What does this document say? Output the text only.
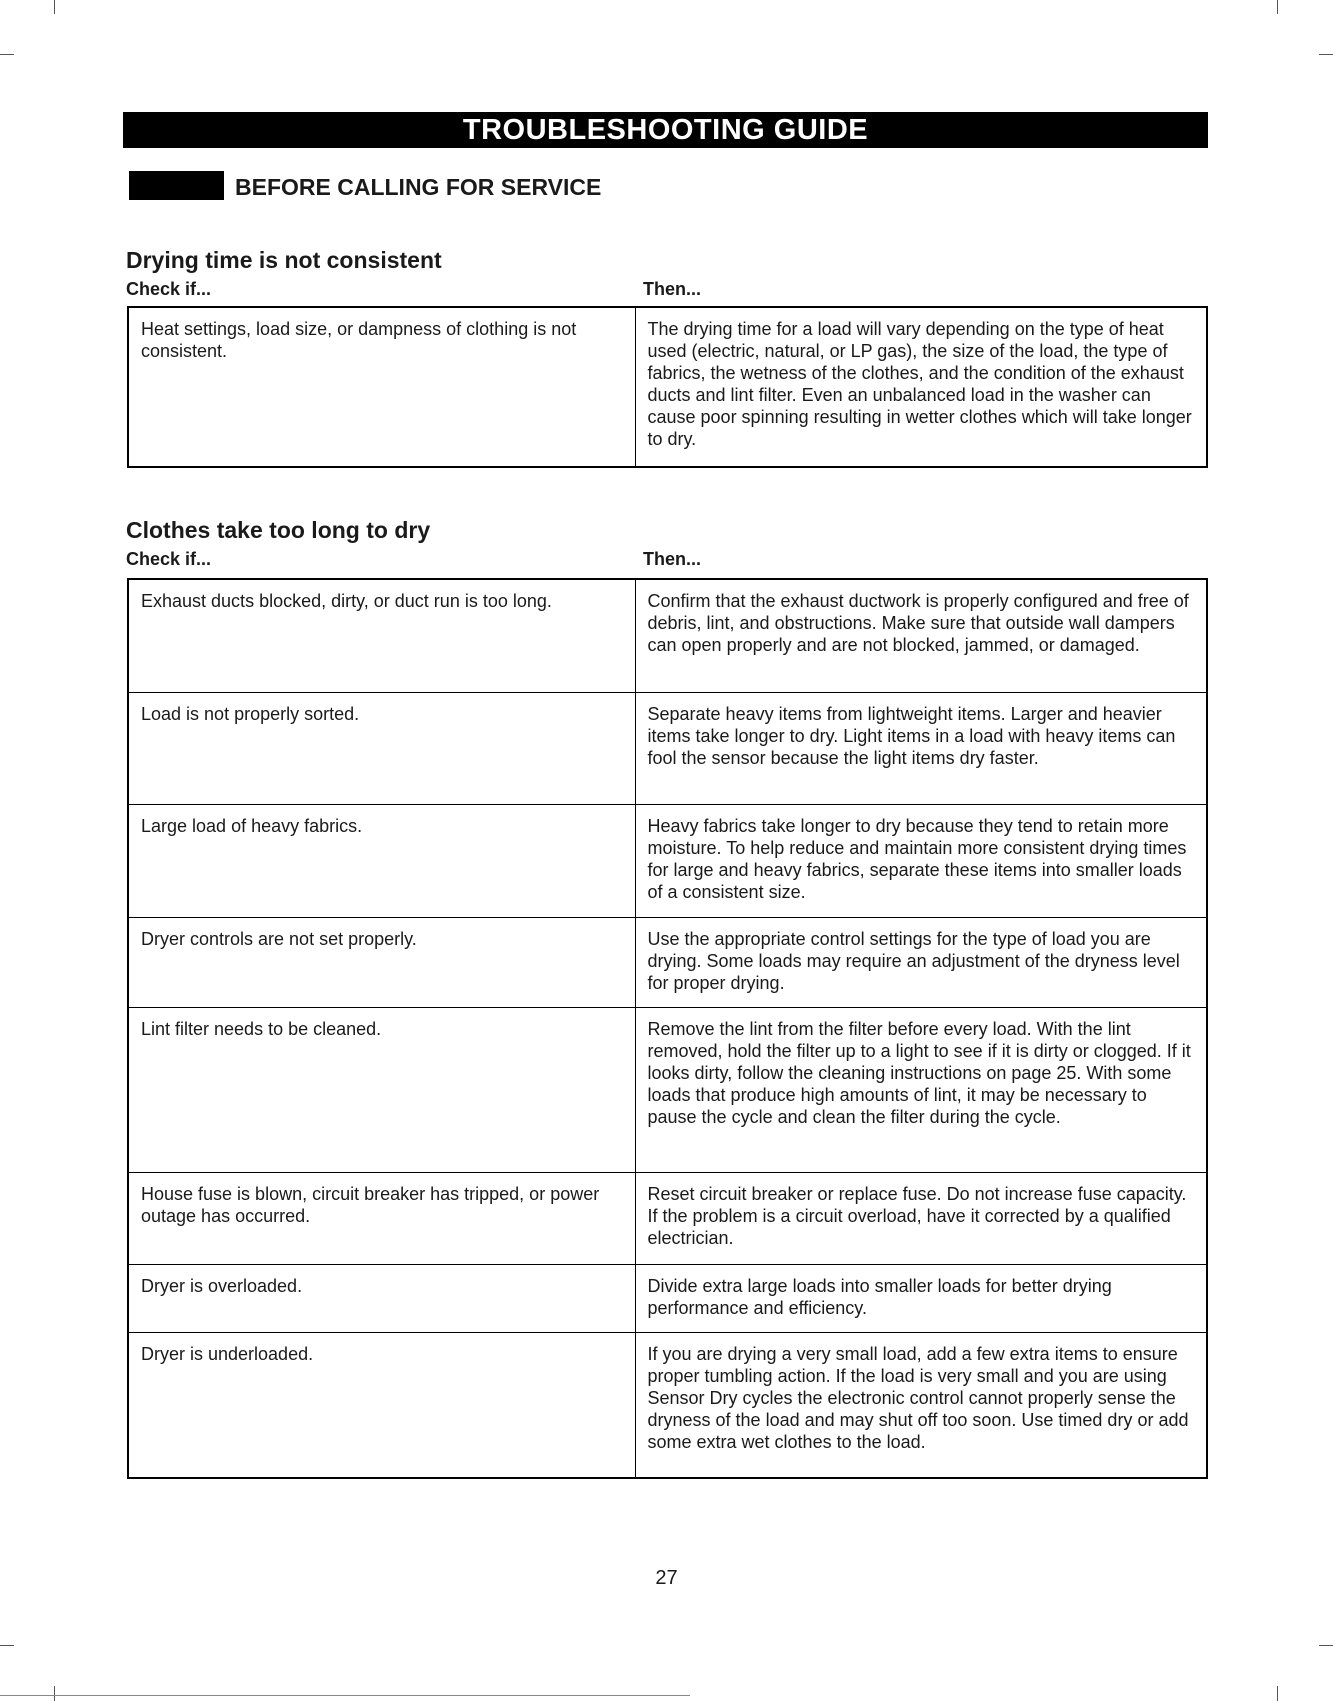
TROUBLESHOOTING GUIDE
BEFORE CALLING FOR SERVICE
Drying time is not consistent
Check if...	Then...
Heat settings, load size, or dampness of clothing is not consistent.	The drying time for a load will vary depending on the type of heat used (electric, natural, or LP gas), the size of the load, the type of fabrics, the wetness of the clothes, and the condition of the exhaust ducts and lint filter. Even an unbalanced load in the washer can cause poor spinning resulting in wetter clothes which will take longer to dry.
Clothes take too long to dry
Check if...	Then...
Exhaust ducts blocked, dirty, or duct run is too long.	Confirm that the exhaust ductwork is properly configured and free of debris, lint, and obstructions. Make sure that outside wall dampers can open properly and are not blocked, jammed, or damaged.
Load is not properly sorted.	Separate heavy items from lightweight items. Larger and heavier items take longer to dry. Light items in a load with heavy items can fool the sensor because the light items dry faster.
Large load of heavy fabrics.	Heavy fabrics take longer to dry because they tend to retain more moisture. To help reduce and maintain more consistent drying times for large and heavy fabrics, separate these items into smaller loads of a consistent size.
Dryer controls are not set properly.	Use the appropriate control settings for the type of load you are drying. Some loads may require an adjustment of the dryness level for proper drying.
Lint filter needs to be cleaned.	Remove the lint from the filter before every load. With the lint removed, hold the filter up to a light to see if it is dirty or clogged. If it looks dirty, follow the cleaning instructions on page 25. With some loads that produce high amounts of lint, it may be necessary to pause the cycle and clean the filter during the cycle.
House fuse is blown, circuit breaker has tripped, or power outage has occurred.	Reset circuit breaker or replace fuse. Do not increase fuse capacity. If the problem is a circuit overload, have it corrected by a qualified electrician.
Dryer is overloaded.	Divide extra large loads into smaller loads for better drying performance and efficiency.
Dryer is underloaded.	If you are drying a very small load, add a few extra items to ensure proper tumbling action. If the load is very small and you are using Sensor Dry cycles the electronic control cannot properly sense the dryness of the load and may shut off too soon. Use timed dry or add some extra wet clothes to the load.
27
